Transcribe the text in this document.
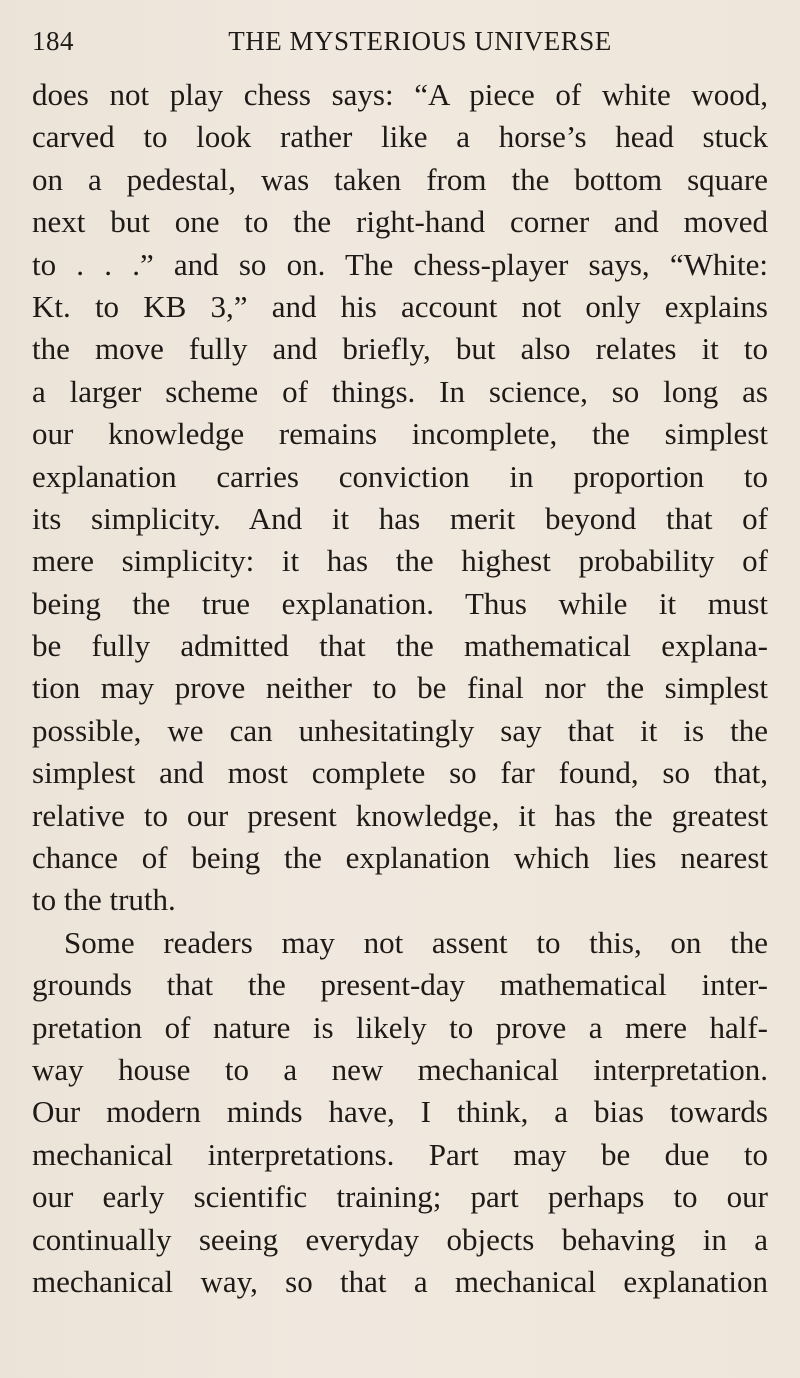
184	THE MYSTERIOUS UNIVERSE
does not play chess says: “A piece of white wood,
carved to look rather like a horse’s head stuck
on a pedestal, was taken from the bottom square
next but one to the right-hand corner and moved
to . . .” and so on. The chess-player says, “White:
Kt. to KB 3,” and his account not only explains
the move fully and briefly, but also relates it to
a larger scheme of things. In science, so long as
our knowledge remains incomplete, the simplest
explanation carries conviction in proportion to
its simplicity. And it has merit beyond that of
mere simplicity: it has the highest probability of
being the true explanation. Thus while it must
be fully admitted that the mathematical explana-
tion may prove neither to be final nor the simplest
possible, we can unhesitatingly say that it is the
simplest and most complete so far found, so that,
relative to our present knowledge, it has the greatest
chance of being the explanation which lies nearest
to the truth.
Some readers may not assent to this, on the
grounds that the present-day mathematical inter-
pretation of nature is likely to prove a mere half-
way house to a new mechanical interpretation.
Our modern minds have, I think, a bias towards
mechanical interpretations. Part may be due to
our early scientific training; part perhaps to our
continually seeing everyday objects behaving in a
mechanical way, so that a mechanical explanation
